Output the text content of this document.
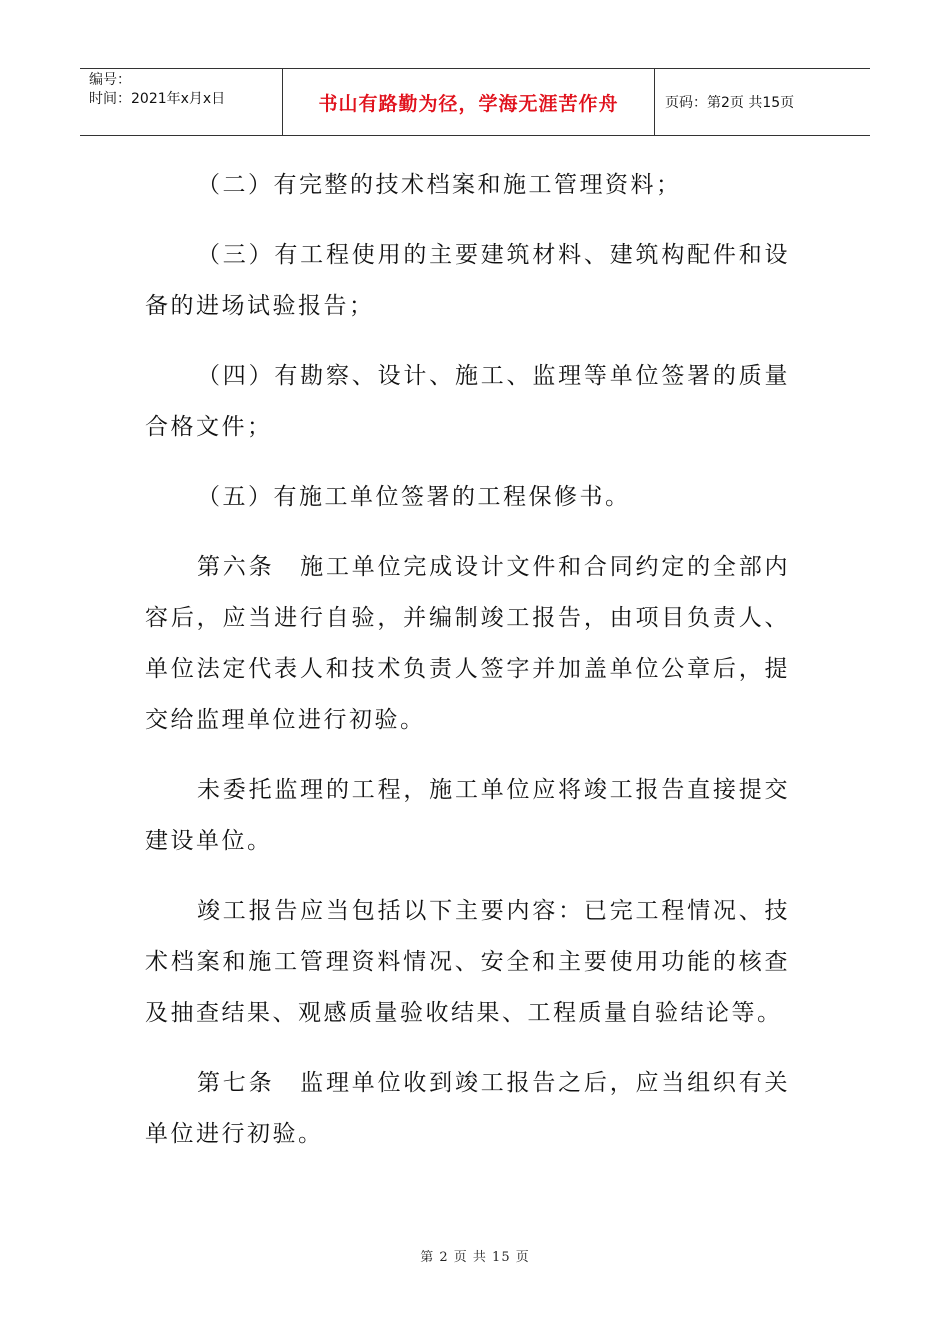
编号：
时间：2021年x月x日	书山有路勤为径，学海无涯苦作舟	页码：第2页 共15页

（二）有完整的技术档案和施工管理资料；

（三）有工程使用的主要建筑材料、建筑构配件和设备的进场试验报告；

（四）有勘察、设计、施工、监理等单位签署的质量合格文件；

（五）有施工单位签署的工程保修书。

第六条　施工单位完成设计文件和合同约定的全部内容后，应当进行自验，并编制竣工报告，由项目负责人、单位法定代表人和技术负责人签字并加盖单位公章后，提交给监理单位进行初验。

未委托监理的工程，施工单位应将竣工报告直接提交建设单位。

竣工报告应当包括以下主要内容：已完工程情况、技术档案和施工管理资料情况、安全和主要使用功能的核查及抽查结果、观感质量验收结果、工程质量自验结论等。

第七条　监理单位收到竣工报告之后，应当组织有关单位进行初验。

第 2 页 共 15 页
